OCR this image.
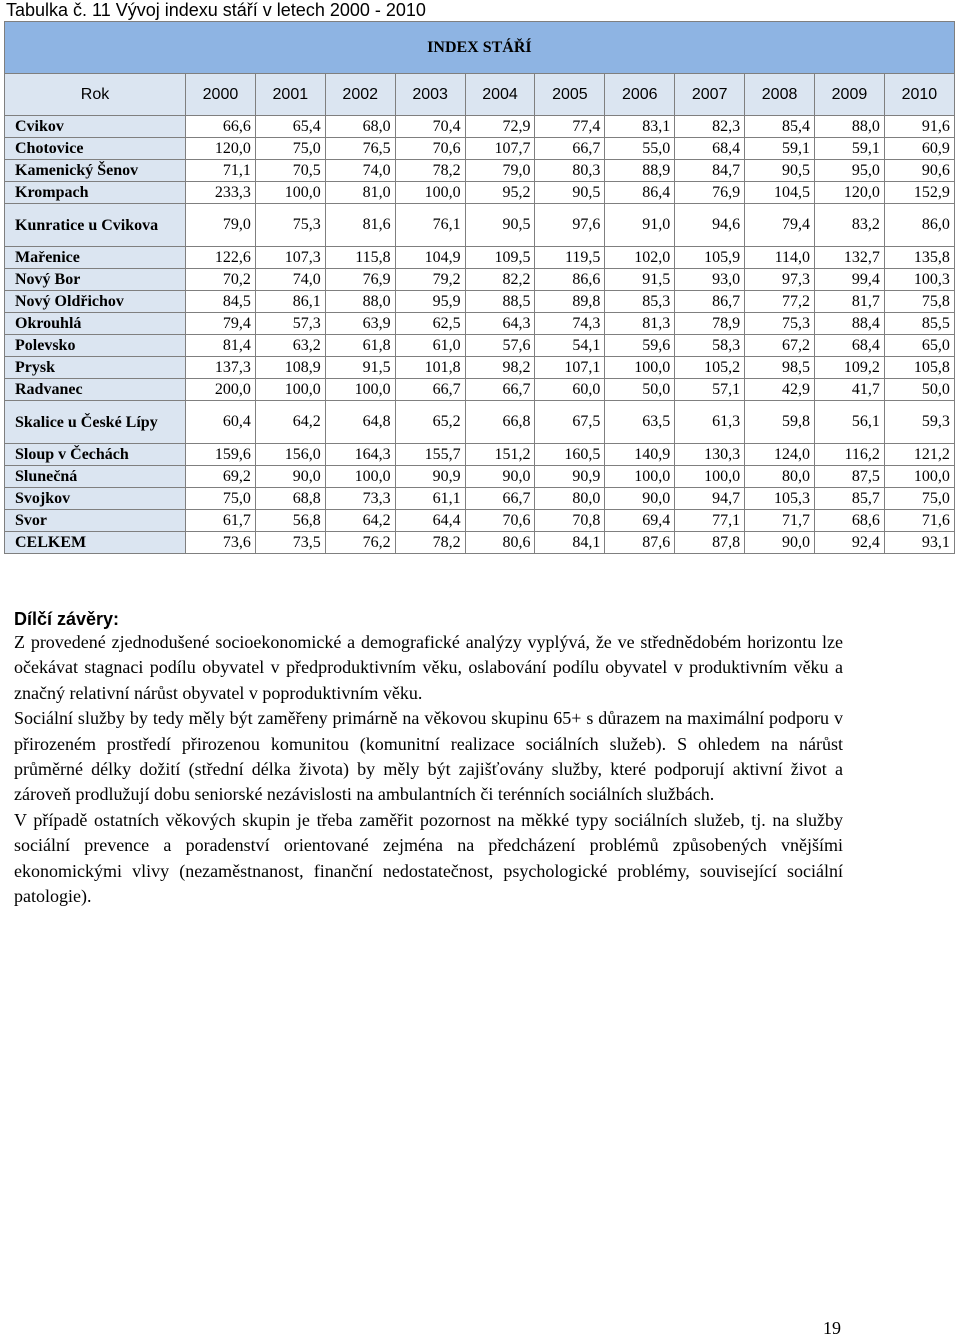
Tabulka č. 11 Vývoj indexu stáří v letech 2000 - 2010
INDEX STÁŘÍ											
Rok	2000	2001	2002	2003	2004	2005	2006	2007	2008	2009	2010
Cvikov	66,6	65,4	68,0	70,4	72,9	77,4	83,1	82,3	85,4	88,0	91,6
Chotovice	120,0	75,0	76,5	70,6	107,7	66,7	55,0	68,4	59,1	59,1	60,9
Kamenický Šenov	71,1	70,5	74,0	78,2	79,0	80,3	88,9	84,7	90,5	95,0	90,6
Krompach	233,3	100,0	81,0	100,0	95,2	90,5	86,4	76,9	104,5	120,0	152,9
Kunratice u Cvikova	79,0	75,3	81,6	76,1	90,5	97,6	91,0	94,6	79,4	83,2	86,0
Mařenice	122,6	107,3	115,8	104,9	109,5	119,5	102,0	105,9	114,0	132,7	135,8
Nový Bor	70,2	74,0	76,9	79,2	82,2	86,6	91,5	93,0	97,3	99,4	100,3
Nový Oldřichov	84,5	86,1	88,0	95,9	88,5	89,8	85,3	86,7	77,2	81,7	75,8
Okrouhlá	79,4	57,3	63,9	62,5	64,3	74,3	81,3	78,9	75,3	88,4	85,5
Polevsko	81,4	63,2	61,8	61,0	57,6	54,1	59,6	58,3	67,2	68,4	65,0
Prysk	137,3	108,9	91,5	101,8	98,2	107,1	100,0	105,2	98,5	109,2	105,8
Radvanec	200,0	100,0	100,0	66,7	66,7	60,0	50,0	57,1	42,9	41,7	50,0
Skalice u České Lípy	60,4	64,2	64,8	65,2	66,8	67,5	63,5	61,3	59,8	56,1	59,3
Sloup v Čechách	159,6	156,0	164,3	155,7	151,2	160,5	140,9	130,3	124,0	116,2	121,2
Slunečná	69,2	90,0	100,0	90,9	90,0	90,9	100,0	100,0	80,0	87,5	100,0
Svojkov	75,0	68,8	73,3	61,1	66,7	80,0	90,0	94,7	105,3	85,7	75,0
Svor	61,7	56,8	64,2	64,4	70,6	70,8	69,4	77,1	71,7	68,6	71,6
CELKEM	73,6	73,5	76,2	78,2	80,6	84,1	87,6	87,8	90,0	92,4	93,1
Dílčí závěry:

Z provedené zjednodušené socioekonomické a demografické analýzy vyplývá, že ve střednědobém horizontu lze očekávat stagnaci podílu obyvatel v předproduktivním věku, oslabování podílu obyvatel v produktivním věku a značný relativní nárůst obyvatel v poproduktivním věku.

Sociální služby by tedy měly být zaměřeny primárně na věkovou skupinu 65+ s důrazem na maximální podporu v přirozeném prostředí přirozenou komunitou (komunitní realizace sociálních služeb). S ohledem na nárůst průměrné délky dožití (střední délka života) by měly být zajišťovány služby, které podporují aktivní život a zároveň prodlužují dobu seniorské nezávislosti na ambulantních či terénních sociálních službách.

V případě ostatních věkových skupin je třeba zaměřit pozornost na měkké typy sociálních služeb, tj. na služby sociální prevence a poradenství orientované zejména na předcházení problémů způsobených vnějšími ekonomickými vlivy (nezaměstnanost, finanční nedostatečnost, psychologické problémy, související sociální patologie).

19
